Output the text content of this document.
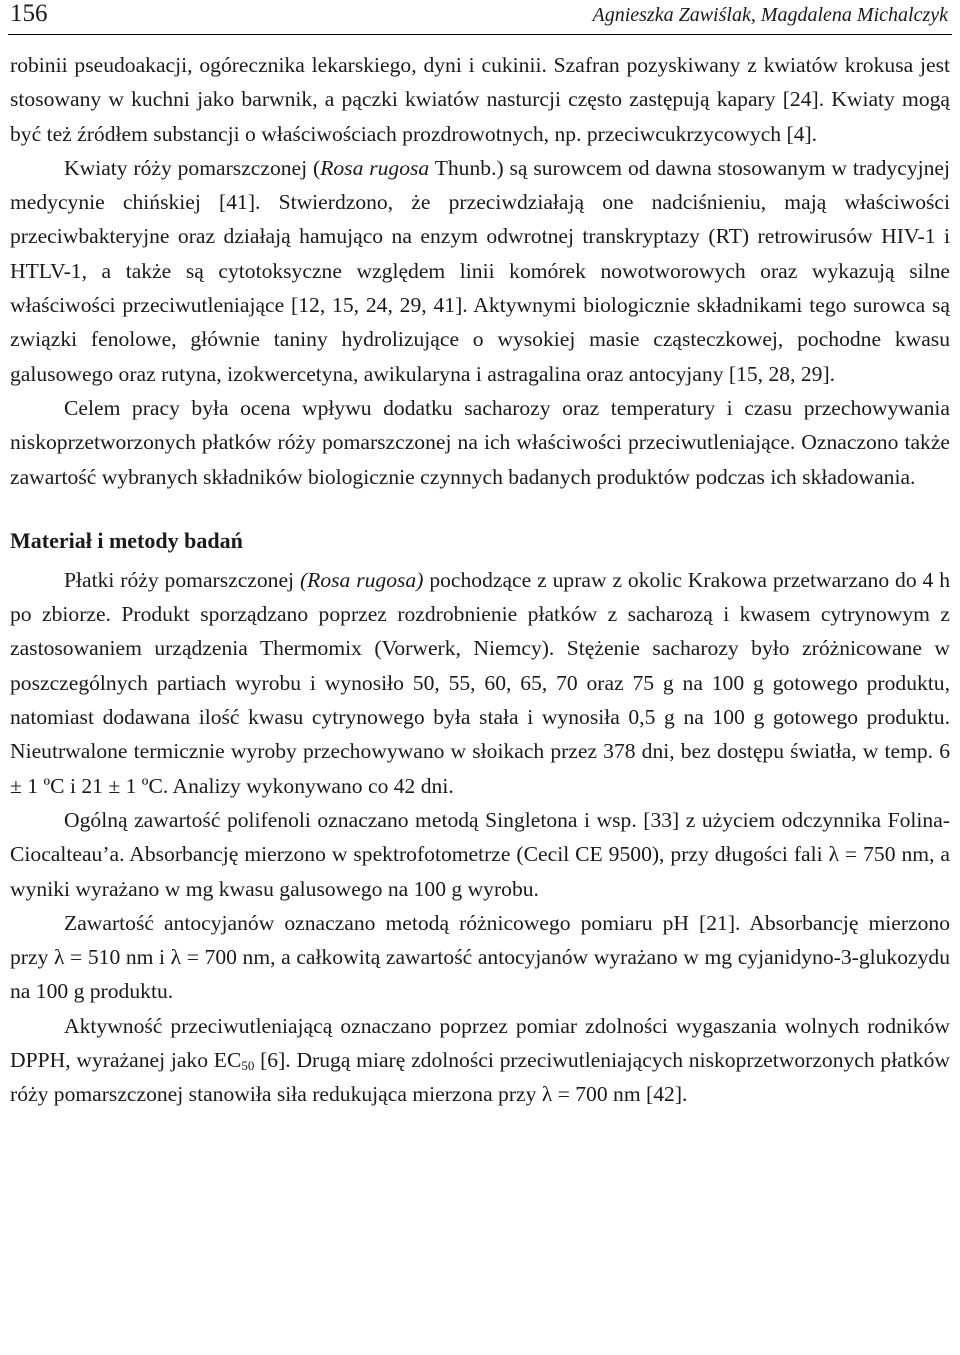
156	Agnieszka Zawiślak, Magdalena Michalczyk

robinii pseudoakacji, ogórecznika lekarskiego, dyni i cukinii. Szafran pozyskiwany z kwiatów krokusa jest stosowany w kuchni jako barwnik, a pączki kwiatów nasturcji często zastępują kapary [24]. Kwiaty mogą być też źródłem substancji o właściwościach prozdrowotnych, np. przeciwcukrzycowych [4].

Kwiaty róży pomarszczonej (Rosa rugosa Thunb.) są surowcem od dawna stosowanym w tradycyjnej medycynie chińskiej [41]. Stwierdzono, że przeciwdziałają one nadciśnieniu, mają właściwości przeciwbakteryjne oraz działają hamująco na enzym odwrotnej transkryptazy (RT) retrowirusów HIV-1 i HTLV-1, a także są cytotoksyczne względem linii komórek nowotworowych oraz wykazują silne właściwości przeciwutleniające [12, 15, 24, 29, 41]. Aktywnymi biologicznie składnikami tego surowca są związki fenolowe, głównie taniny hydrolizujące o wysokiej masie cząsteczkowej, pochodne kwasu galusowego oraz rutyna, izokwercetyna, awikularyna i astragalina oraz antocyjany [15, 28, 29].

Celem pracy była ocena wpływu dodatku sacharozy oraz temperatury i czasu przechowywania niskoprzetworzonych płatków róży pomarszczonej na ich właściwości przeciwutleniające. Oznaczono także zawartość wybranych składników biologicznie czynnych badanych produktów podczas ich składowania.

Materiał i metody badań

Płatki róży pomarszczonej (Rosa rugosa) pochodzące z upraw z okolic Krakowa przetwarzano do 4 h po zbiorze. Produkt sporządzano poprzez rozdrobnienie płatków z sacharozą i kwasem cytrynowym z zastosowaniem urządzenia Thermomix (Vorwerk, Niemcy). Stężenie sacharozy było zróżnicowane w poszczególnych partiach wyrobu i wynosiło 50, 55, 60, 65, 70 oraz 75 g na 100 g gotowego produktu, natomiast dodawana ilość kwasu cytrynowego była stała i wynosiła 0,5 g na 100 g gotowego produktu. Nieutrwalone termicznie wyroby przechowywano w słoikach przez 378 dni, bez dostępu światła, w temp. 6 ± 1 ºC i 21 ± 1 ºC. Analizy wykonywano co 42 dni.

Ogólną zawartość polifenoli oznaczano metodą Singletona i wsp. [33] z użyciem odczynnika Folina-Ciocalteau’a. Absorbancję mierzono w spektrofotometrze (Cecil CE 9500), przy długości fali λ = 750 nm, a wyniki wyrażano w mg kwasu galusowego na 100 g wyrobu.

Zawartość antocyjanów oznaczano metodą różnicowego pomiaru pH [21]. Absorbancję mierzono przy λ = 510 nm i λ = 700 nm, a całkowitą zawartość antocyjanów wyrażano w mg cyjanidyno-3-glukozydu na 100 g produktu.

Aktywność przeciwutleniającą oznaczano poprzez pomiar zdolności wygaszania wolnych rodników DPPH, wyrażanej jako $EC_{50}$ [6]. Drugą miarę zdolności przeciwutleniających niskoprzetworzonych płatków róży pomarszczonej stanowiła siła redukująca mierzona przy λ = 700 nm [42].
